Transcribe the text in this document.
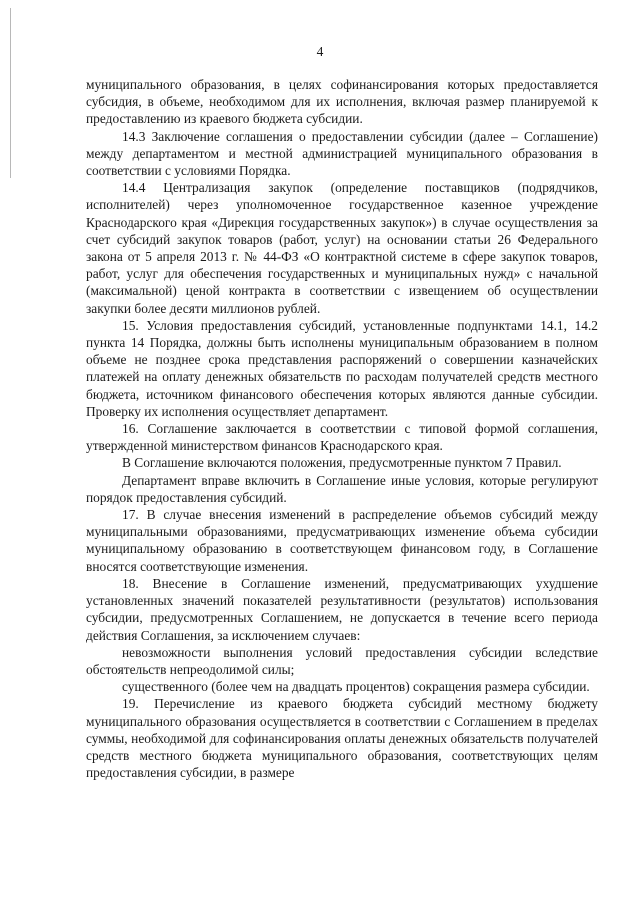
4

муниципального образования, в целях софинансирования которых предоставляется субсидия, в объеме, необходимом для их исполнения, включая размер планируемой к предоставлению из краевого бюджета субсидии.

14.3 Заключение соглашения о предоставлении субсидии (далее – Соглашение) между департаментом и местной администрацией муниципального образования в соответствии с условиями Порядка.

14.4 Централизация закупок (определение поставщиков (подрядчиков, исполнителей) через уполномоченное государственное казенное учреждение Краснодарского края «Дирекция государственных закупок») в случае осуществления за счет субсидий закупок товаров (работ, услуг) на основании статьи 26 Федерального закона от 5 апреля 2013 г. № 44-ФЗ «О контрактной системе в сфере закупок товаров, работ, услуг для обеспечения государственных и муниципальных нужд» с начальной (максимальной) ценой контракта в соответствии с извещением об осуществлении закупки более десяти миллионов рублей.

15. Условия предоставления субсидий, установленные подпунктами 14.1, 14.2 пункта 14 Порядка, должны быть исполнены муниципальным образованием в полном объеме не позднее срока представления распоряжений о совершении казначейских платежей на оплату денежных обязательств по расходам получателей средств местного бюджета, источником финансового обеспечения которых являются данные субсидии. Проверку их исполнения осуществляет департамент.

16. Соглашение заключается в соответствии с типовой формой соглашения, утвержденной министерством финансов Краснодарского края.

В Соглашение включаются положения, предусмотренные пунктом 7 Правил.

Департамент вправе включить в Соглашение иные условия, которые регулируют порядок предоставления субсидий.

17. В случае внесения изменений в распределение объемов субсидий между муниципальными образованиями, предусматривающих изменение объема субсидии муниципальному образованию в соответствующем финансовом году, в Соглашение вносятся соответствующие изменения.

18. Внесение в Соглашение изменений, предусматривающих ухудшение установленных значений показателей результативности (результатов) использования субсидии, предусмотренных Соглашением, не допускается в течение всего периода действия Соглашения, за исключением случаев:

невозможности выполнения условий предоставления субсидии вследствие обстоятельств непреодолимой силы;

существенного (более чем на двадцать процентов) сокращения размера субсидии.

19. Перечисление из краевого бюджета субсидий местному бюджету муниципального образования осуществляется в соответствии с Соглашением в пределах суммы, необходимой для софинансирования оплаты денежных обязательств получателей средств местного бюджета муниципального образования, соответствующих целям предоставления субсидии, в размере
